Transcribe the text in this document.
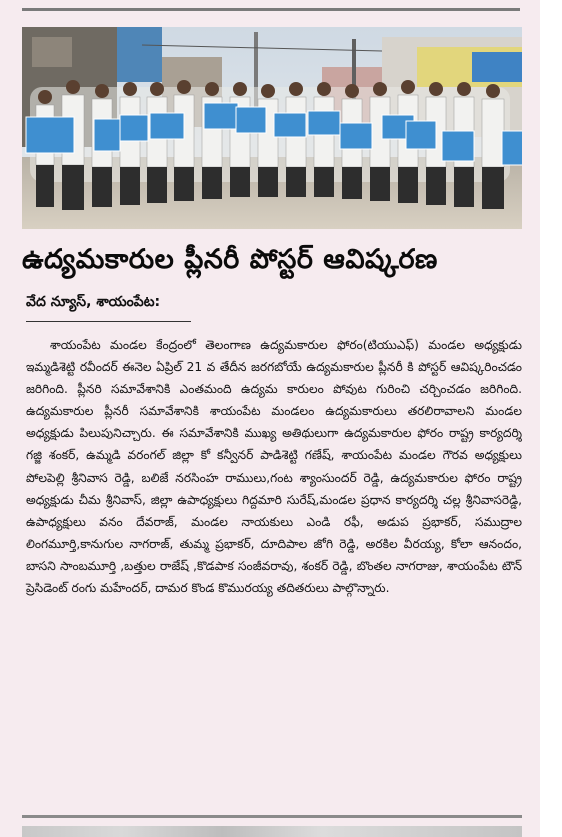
ఉద్యమకారుల ప్లీనరీ పోస్టర్ ఆవిష్కరణ
వేద న్యూస్, శాయంపేట:
శాయంపేట మండల కేంద్రంలో తెలంగాణ ఉద్యమకారుల ఫోరం(టియుఎఫ్) మండల అధ్యక్షుడు ఇమ్మడిశెట్టి రవీందర్ ఈనెల ఏప్రిల్ 21 వ తేదీన జరగబోయే ఉద్యమకారుల ప్లీనరీ కి పోస్టర్ ఆవిష్కరించడం జరిగింది. ప్లీనరి సమావేశానికి ఎంతమంది ఉద్యమ కారులం పోవుట గురించి చర్చించడం జరిగింది. ఉద్యమకారుల ప్లీనరీ సమావేశానికి శాయంపేట మండలం ఉద్యమకారులు తరలిరావాలని మండల అధ్యక్షుడు పిలుపునిచ్చారు. ఈ సమావేశానికి ముఖ్య అతిథులుగా ఉద్యమకారుల ఫోరం రాష్ట్ర కార్యదర్శి గజ్జి శంకర్, ఉమ్మడి వరంగల్ జిల్లా కో కన్వీనర్ పాడిశెట్టి గణేష్, శాయంపేట మండల గౌరవ అధ్యక్షులు పోలపెల్లి శ్రీనివాస రెడ్డి, బలిజే నరసింహ రాములు,గంట శ్యాంసుందర్ రెడ్డి, ఉద్యమకారుల ఫోరం రాష్ట్ర అధ్యక్షుడు చీమ శ్రీనివాస్, జిల్లా ఉపాధ్యక్షులు గిద్దమారి సురేష్,మండల ప్రధాన కార్యదర్శి చల్ల శ్రీనివాసరెడ్డి, ఉపాధ్యక్షులు వనం దేవరాజ్, మండల నాయకులు ఎండి రఫీ, అడుప ప్రభాకర్, సముద్రాల లింగమూర్తి,కానుగుల నాగరాజ్, తుమ్మ ప్రభాకర్, దూదిపాల జోగి రెడ్డి, అరకిల వీరయ్య, కోలా ఆనందం, బాసని సాంబమూర్తి ,బత్తుల రాజేష్ ,కొడపాక సంజీవరావు, శంకర్ రెడ్డి, బొంతల నాగరాజు, శాయంపేట టౌన్ ప్రెసిడెంట్ రంగు మహేందర్, దామర కొండ కొమురయ్య తదితరులు పాల్గొన్నారు.
